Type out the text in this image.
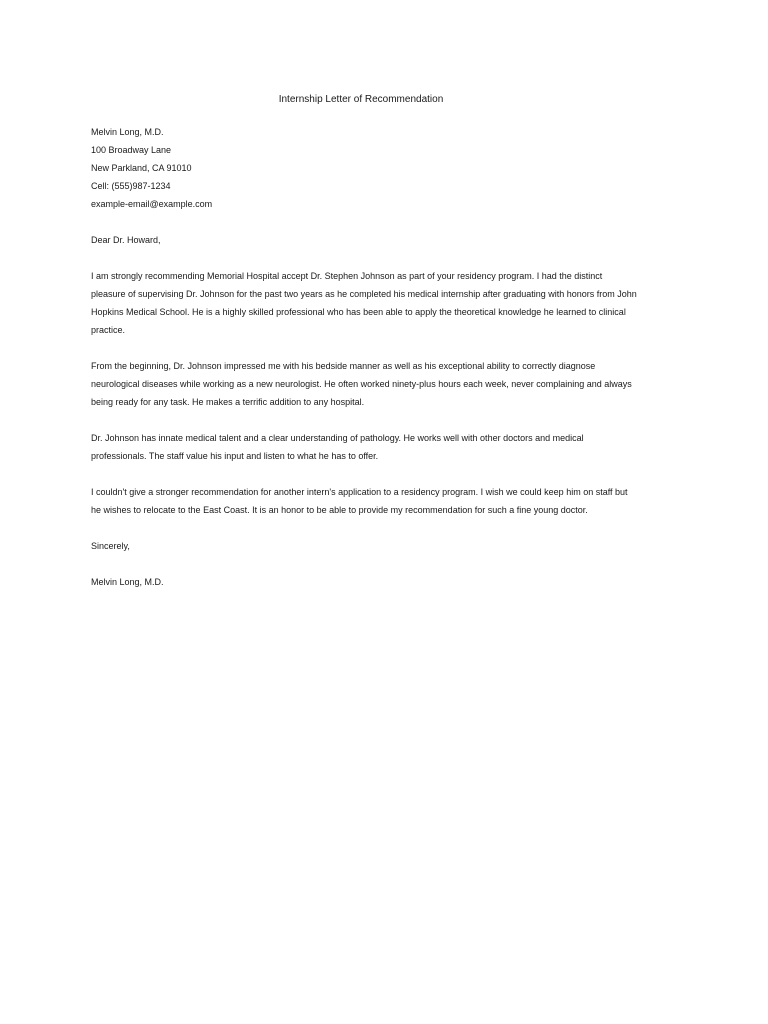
Internship Letter of Recommendation
Melvin Long, M.D.
100 Broadway Lane
New Parkland, CA 91010
Cell: (555)987-1234
example-email@example.com

Dear Dr. Howard,

I am strongly recommending Memorial Hospital accept Dr. Stephen Johnson as part of your residency program. I had the distinct pleasure of supervising Dr. Johnson for the past two years as he completed his medical internship after graduating with honors from John Hopkins Medical School. He is a highly skilled professional who has been able to apply the theoretical knowledge he learned to clinical practice.

From the beginning, Dr. Johnson impressed me with his bedside manner as well as his exceptional ability to correctly diagnose neurological diseases while working as a new neurologist. He often worked ninety-plus hours each week, never complaining and always being ready for any task. He makes a terrific addition to any hospital.

Dr. Johnson has innate medical talent and a clear understanding of pathology. He works well with other doctors and medical professionals. The staff value his input and listen to what he has to offer.

I couldn't give a stronger recommendation for another intern's application to a residency program. I wish we could keep him on staff but he wishes to relocate to the East Coast. It is an honor to be able to provide my recommendation for such a fine young doctor.

Sincerely,

Melvin Long, M.D.
